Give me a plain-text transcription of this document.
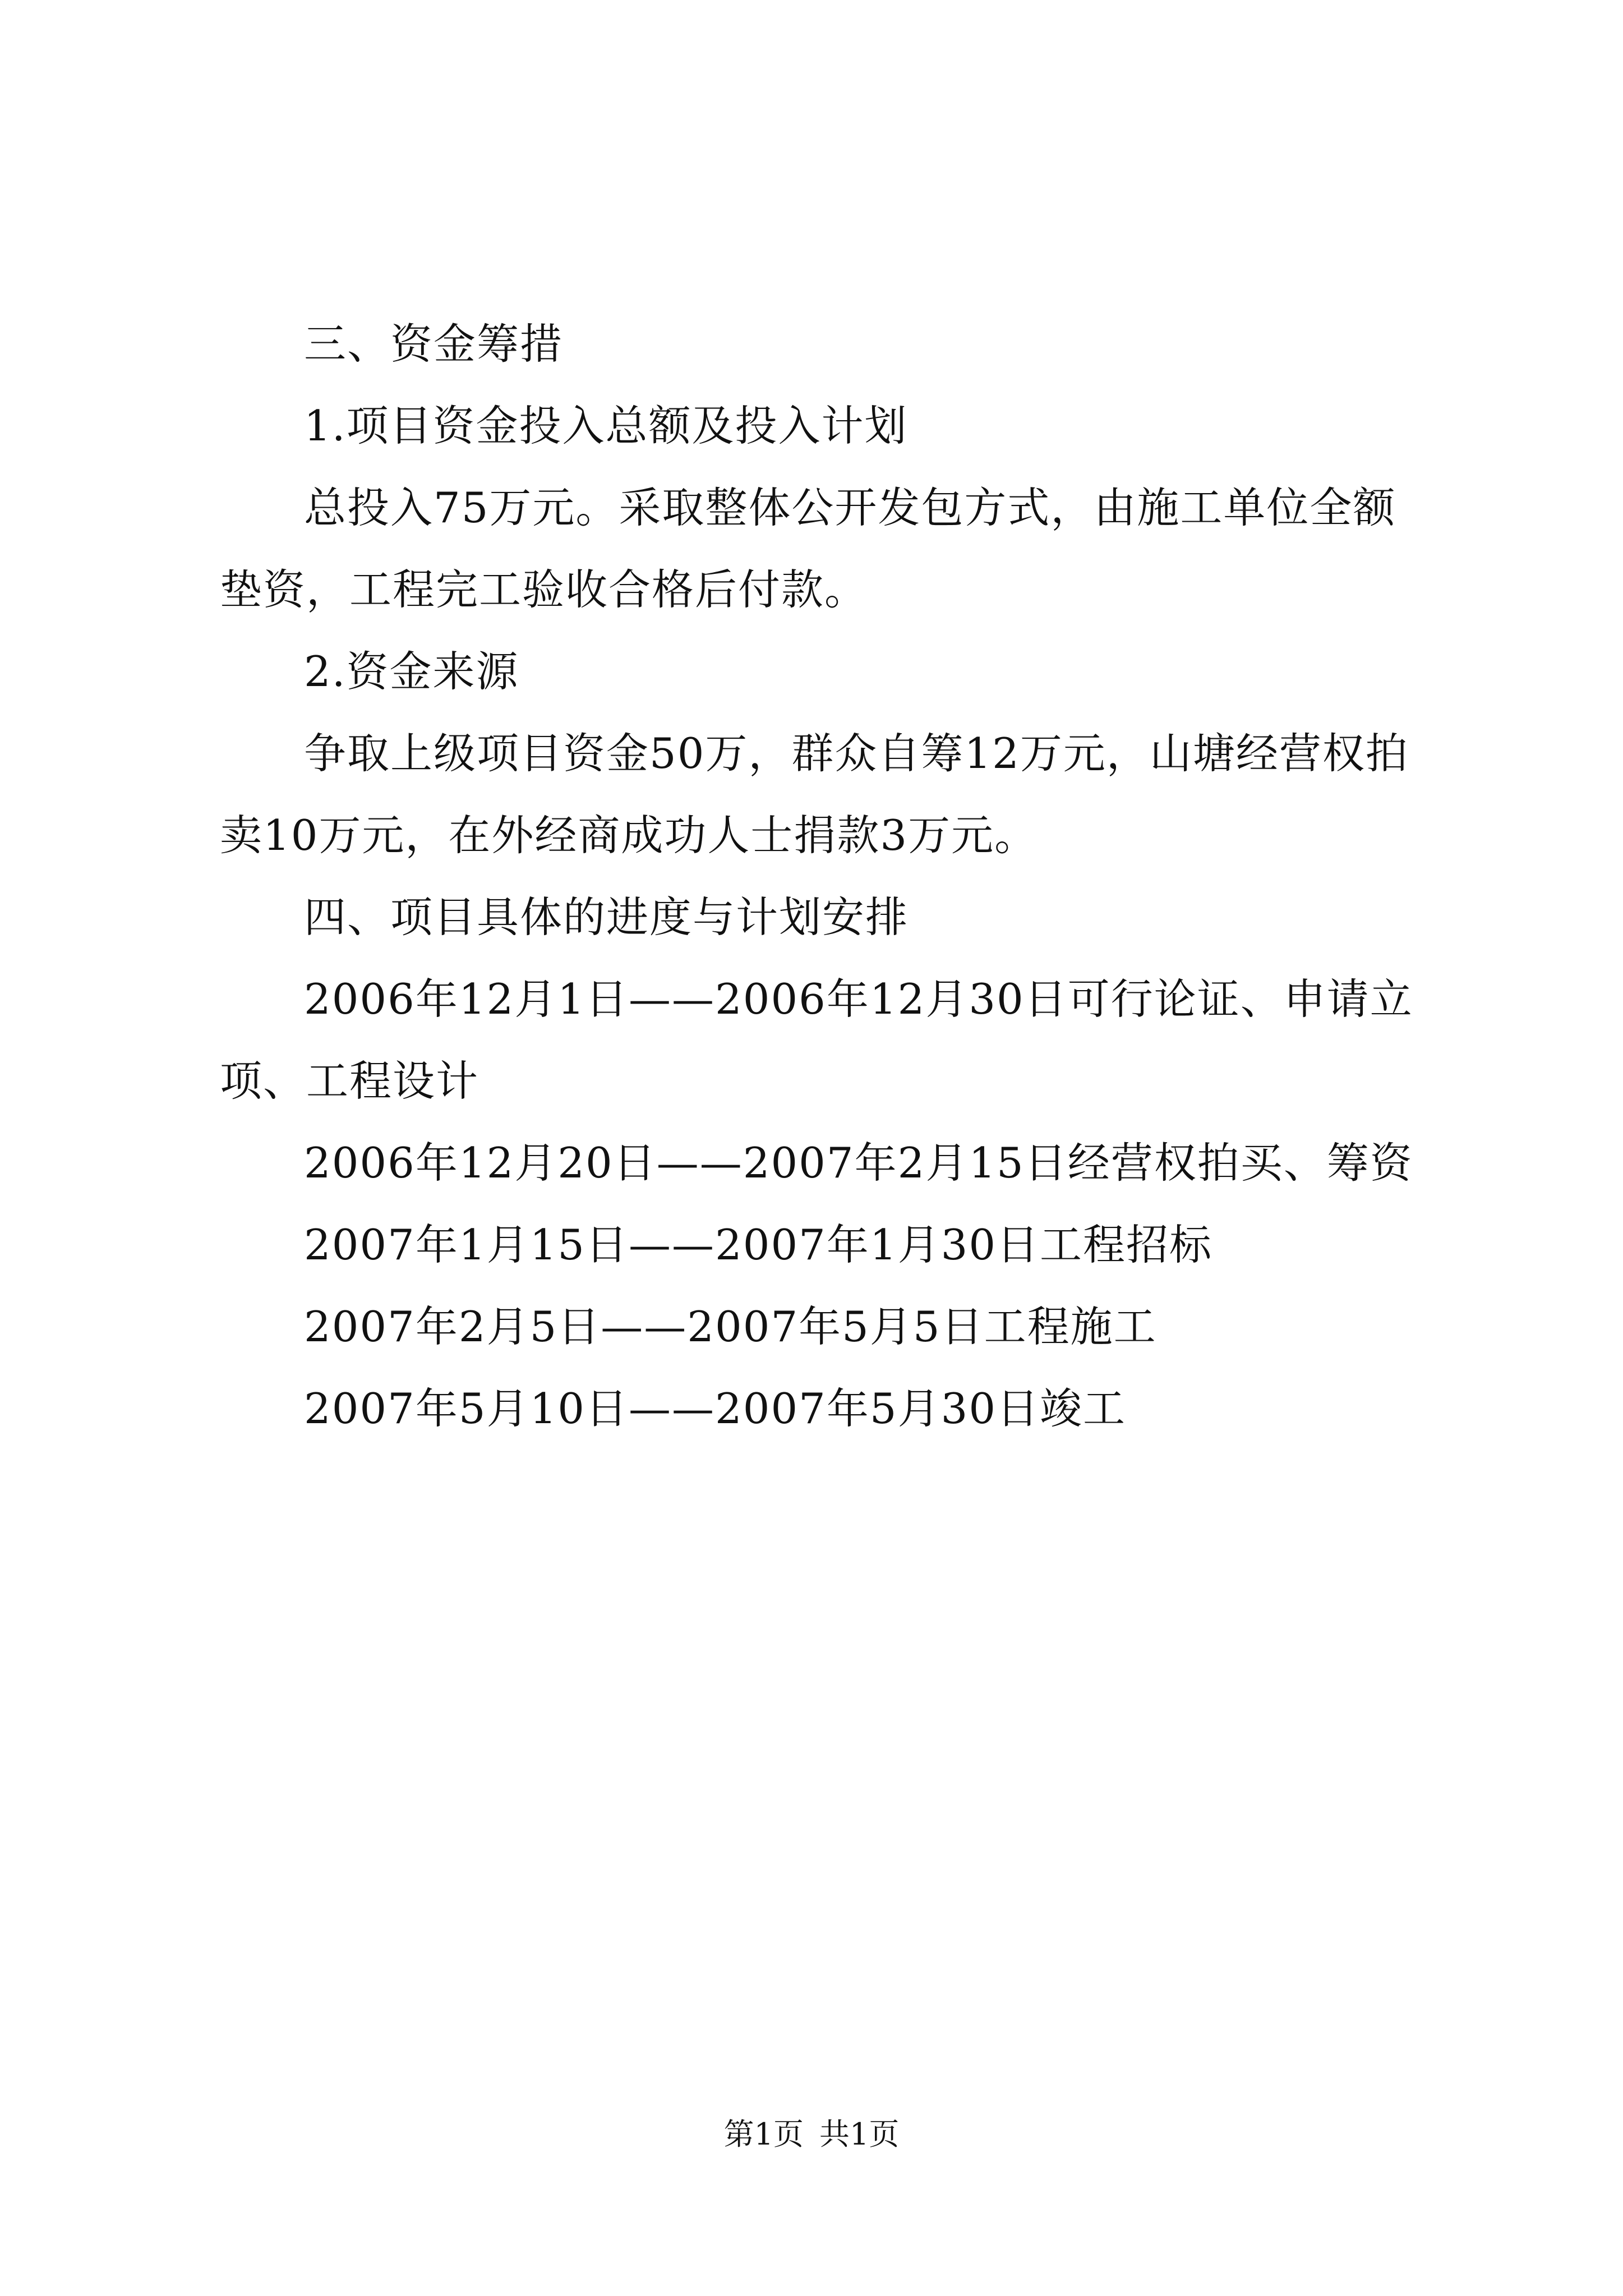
三、资金筹措

1.项目资金投入总额及投入计划

总投入75万元。采取整体公开发包方式，由施工单位全额垫资，工程完工验收合格后付款。

2.资金来源

争取上级项目资金50万，群众自筹12万元，山塘经营权拍卖10万元，在外经商成功人士捐款3万元。

四、项目具体的进度与计划安排

2006年12月1日——2006年12月30日可行论证、申请立项、工程设计

2006年12月20日——2007年2月15日经营权拍买、筹资

2007年1月15日——2007年1月30日工程招标

2007年2月5日——2007年5月5日工程施工

2007年5月10日——2007年5月30日竣工

第1页 共1页
